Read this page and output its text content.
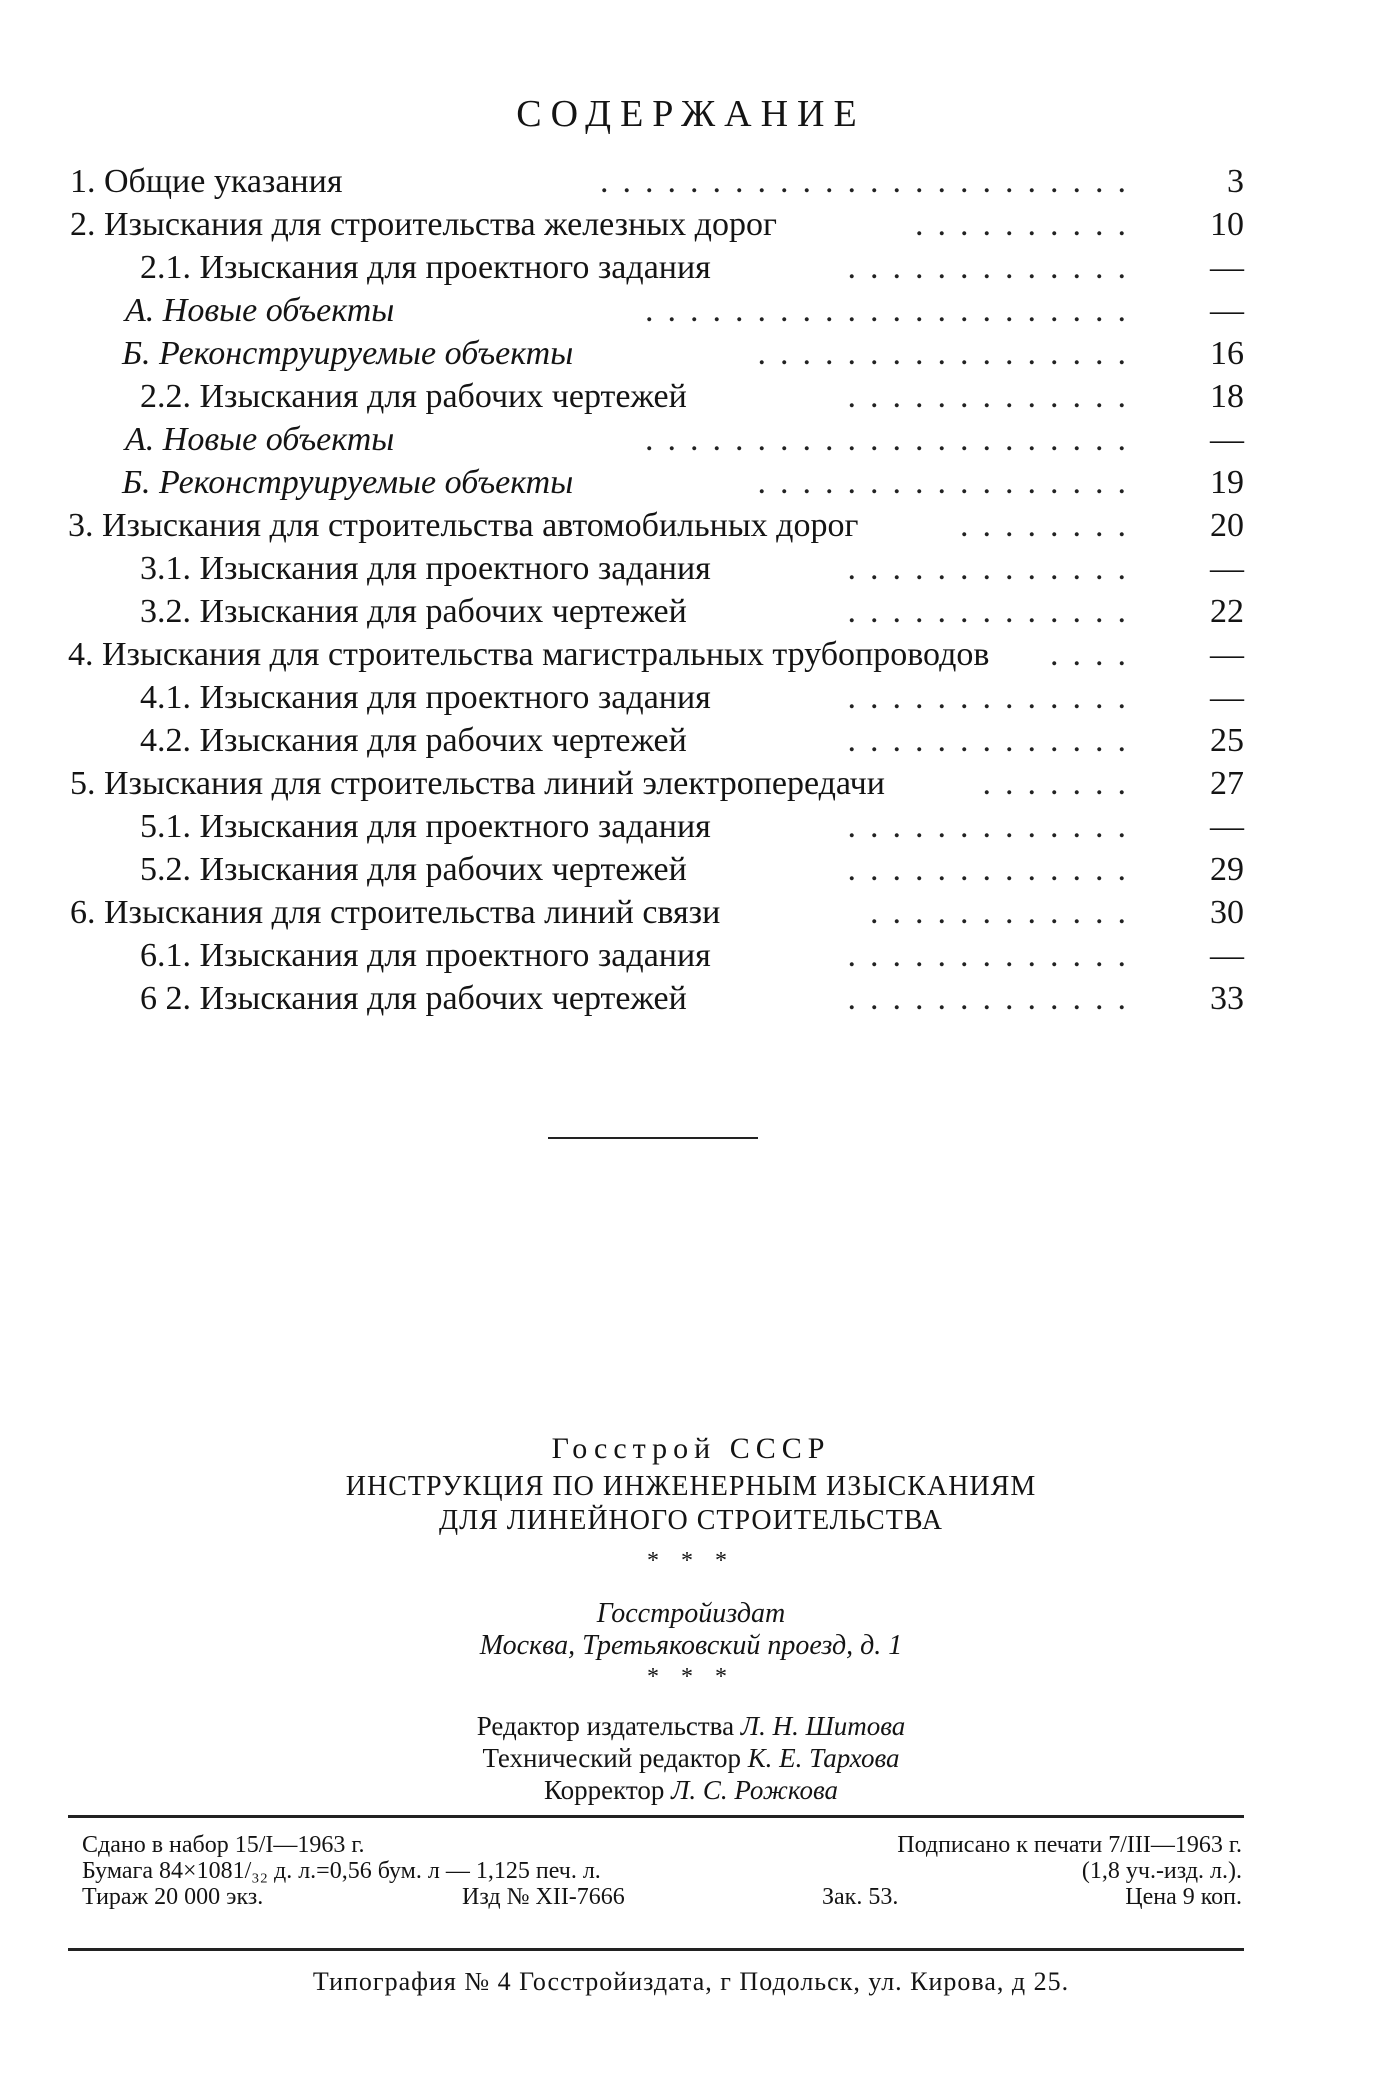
СОДЕРЖАНИЕ
1. Общие указания	........................	3
2. Изыскания для строительства железных дорог	..........	10
2.1. Изыскания для проектного задания	.............	—
А. Новые объекты	......................	—
Б. Реконструируемые объекты	.................	16
2.2. Изыскания для рабочих чертежей	.............	18
А. Новые объекты	......................	—
Б. Реконструируемые объекты	.................	19
3. Изыскания для строительства автомобильных дорог	........	20
3.1. Изыскания для проектного задания	.............	—
3.2. Изыскания для рабочих чертежей	.............	22
4. Изыскания для строительства магистральных трубопроводов	....	—
4.1. Изыскания для проектного задания	.............	—
4.2. Изыскания для рабочих чертежей	.............	25
5. Изыскания для строительства линий электропередачи	.......	27
5.1. Изыскания для проектного задания	.............	—
5.2. Изыскания для рабочих чертежей	.............	29
6. Изыскания для строительства линий связи	............	30
6.1. Изыскания для проектного задания	.............	—
6 2. Изыскания для рабочих чертежей	.............	33
Госстрой СССР
ИНСТРУКЦИЯ ПО ИНЖЕНЕРНЫМ ИЗЫСКАНИЯМ
ДЛЯ ЛИНЕЙНОГО СТРОИТЕЛЬСТВА
* * *
Госстройиздат
Москва, Третьяковский проезд, д. 1
* * *
Редактор издательства Л. Н. Шитова
Технический редактор К. Е. Тархова
Корректор Л. С. Рожкова
Сдано в набор 15/I—1963 г.	Подписано к печати 7/III—1963 г.
Бумага 84×1081/₃₂ д. л.=0,56 бум. л — 1,125 печ. л.	(1,8 уч.-изд. л.).
Тираж 20 000 экз.	Изд № XII-7666	Зак. 53.	Цена 9 коп.
Типография № 4 Госстройиздата, г Подольск, ул. Кирова, д 25.
